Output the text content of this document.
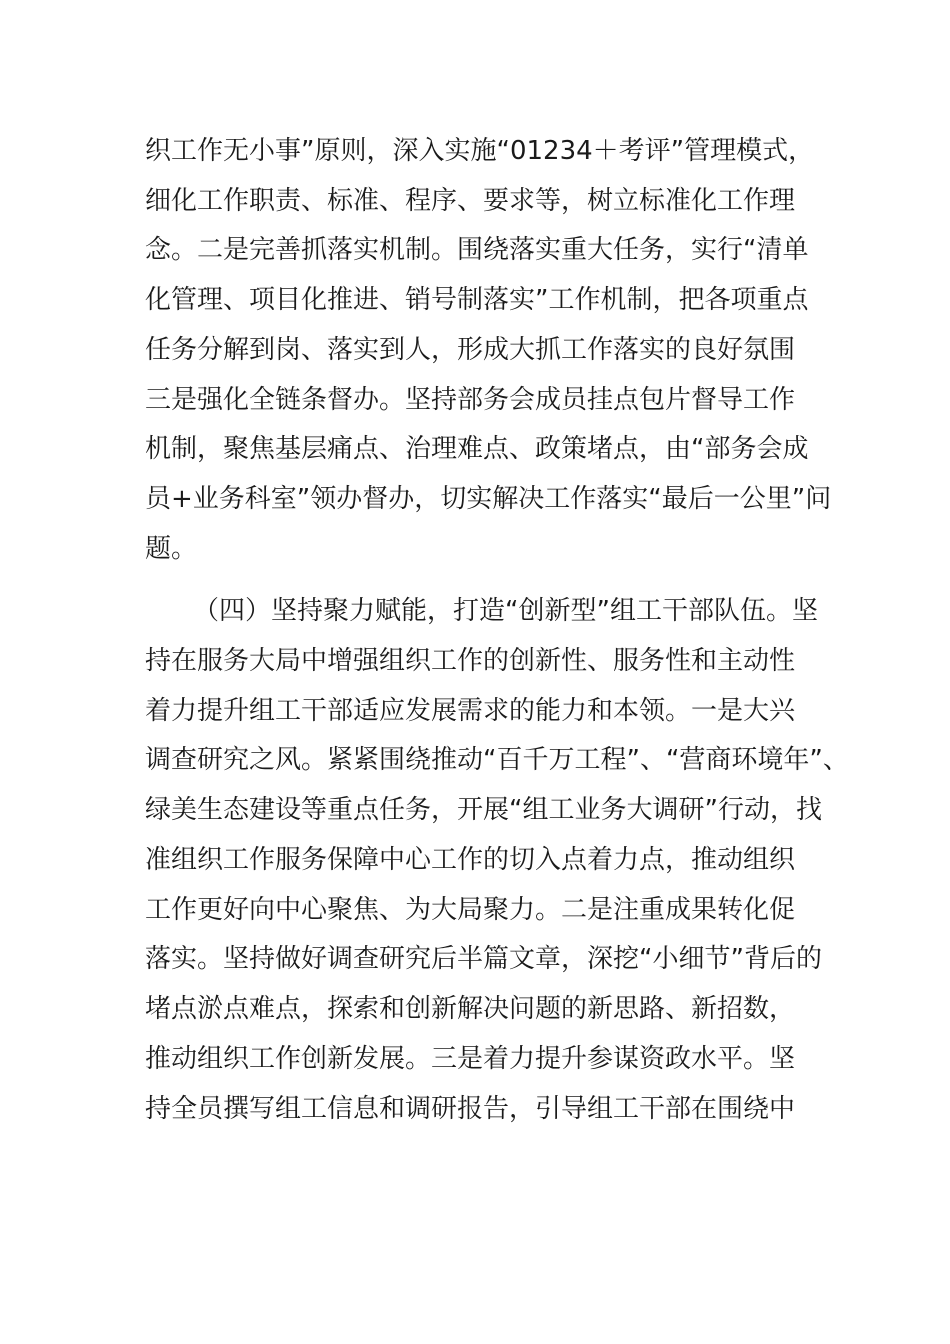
织工作无小事”原则，深入实施“01234＋考评”管理模式，
细化工作职责、标准、程序、要求等，树立标准化工作理
念。二是完善抓落实机制。围绕落实重大任务，实行“清单
化管理、项目化推进、销号制落实”工作机制，把各项重点
任务分解到岗、落实到人，形成大抓工作落实的良好氛围
三是强化全链条督办。坚持部务会成员挂点包片督导工作
机制，聚焦基层痛点、治理难点、政策堵点，由“部务会成
员+业务科室”领办督办，切实解决工作落实“最后一公里”问
题。
（四）坚持聚力赋能，打造“创新型”组工干部队伍。坚
持在服务大局中增强组织工作的创新性、服务性和主动性
着力提升组工干部适应发展需求的能力和本领。一是大兴
调查研究之风。紧紧围绕推动“百千万工程”、“营商环境年”、
绿美生态建设等重点任务，开展“组工业务大调研”行动，找
准组织工作服务保障中心工作的切入点着力点，推动组织
工作更好向中心聚焦、为大局聚力。二是注重成果转化促
落实。坚持做好调查研究后半篇文章，深挖“小细节”背后的
堵点淤点难点，探索和创新解决问题的新思路、新招数，
推动组织工作创新发展。三是着力提升参谋资政水平。坚
持全员撰写组工信息和调研报告，引导组工干部在围绕中
